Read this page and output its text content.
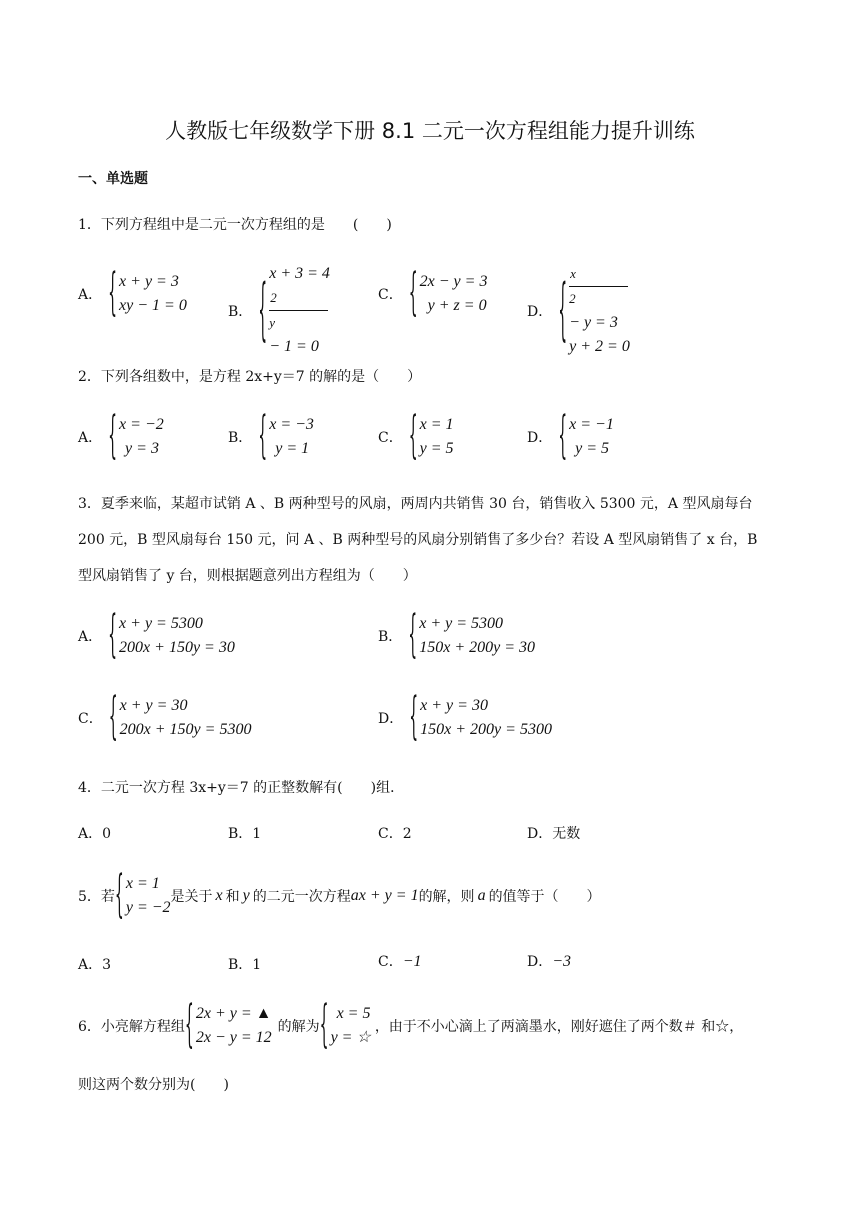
人教版七年级数学下册 8.1 二元一次方程组能力提升训练
一、单选题
1．下列方程组中是二元一次方程组的是　　(　　)
A． { x + y = 3
xy − 1 = 0	B． { x + 3 = 4
2
y
− 1 = 0
C． { 2x − y = 3
y + z = 0	D． { x
2
− y = 3
y + 2 = 0
2．下列各组数中，是方程 2x+y＝7 的解的是（　　）
A． { x = −2
y = 3
B． { x = −3
y = 1
C． { x = 1
y = 5
D． { x = −1
y = 5
3．夏季来临，某超市试销 A 、B 两种型号的风扇，两周内共销售 30 台，销售收入 5300 元，A 型风扇每台
200 元，B 型风扇每台 150 元，问 A 、B 两种型号的风扇分别销售了多少台？若设 A 型风扇销售了 x 台，B
型风扇销售了 y 台，则根据题意列出方程组为（　　）
A． { x + y = 5300
200x + 150y = 30
B． { x + y = 5300
150x + 200y = 30
C． { x + y = 30
200x + 150y = 5300
D． { x + y = 30
150x + 200y = 5300
4．二元一次方程 3x+y＝7 的正整数解有(　　)组．
A．0	B．1	C．2	D．无数
5．若 { x = 1
y = −2
是关于 x 和 y 的二元一次方程 ax + y = 1 的解，则 a 的值等于（　　）
A．3	B．1	C．−1	D．−3
6．小亮解方程组 { 2x + y = ▲
2x − y = 12
的解为 { x = 5
y = ☆
，由于不小心滴上了两滴墨水，刚好遮住了两个数＃ 和☆，
则这两个数分别为(　　)
